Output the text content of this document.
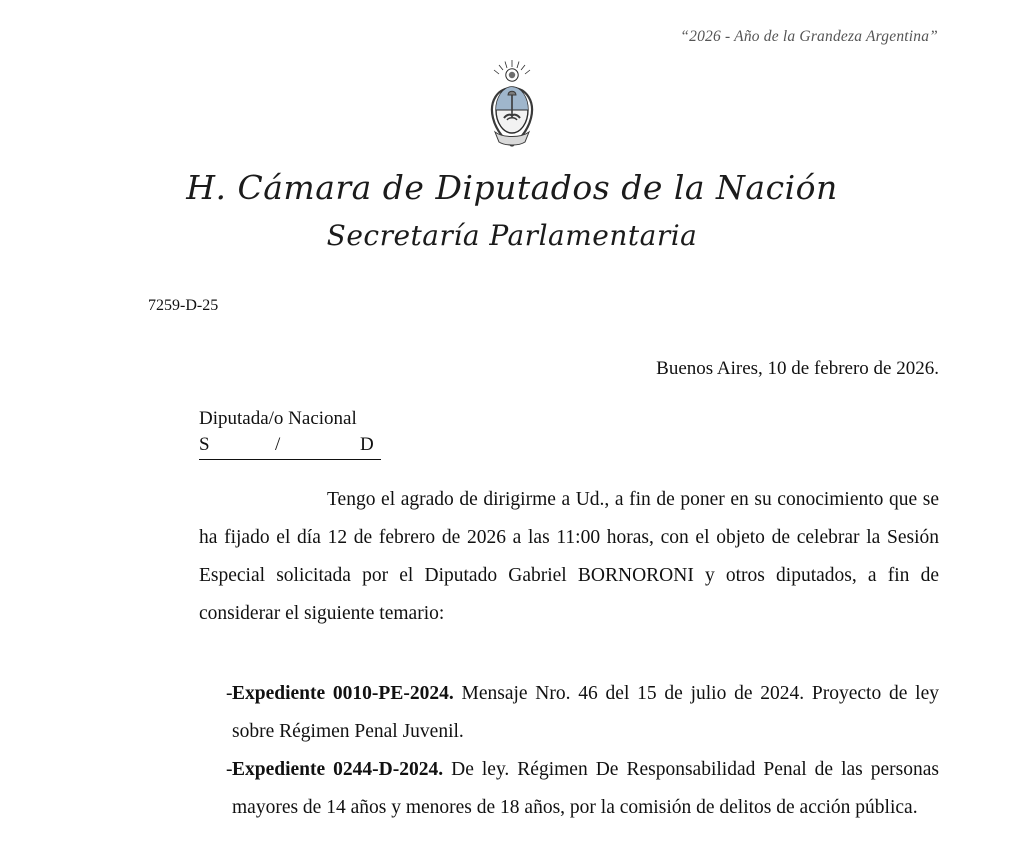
“2026 - Año de la Grandeza Argentina”
H. Cámara de Diputados de la Nación
Secretaría Parlamentaria
7259-D-25
Buenos Aires, 10 de febrero de 2026.
Diputada/o Nacional
S	/	D
Tengo el agrado de dirigirme a Ud., a fin de poner en su conocimiento que se ha fijado el día 12 de febrero de 2026 a las 11:00 horas, con el objeto de celebrar la Sesión Especial solicitada por el Diputado Gabriel BORNORONI y otros diputados, a fin de considerar el siguiente temario:
- Expediente 0010-PE-2024. Mensaje Nro. 46 del 15 de julio de 2024. Proyecto de ley sobre Régimen Penal Juvenil.
- Expediente 0244-D-2024. De ley. Régimen De Responsabilidad Penal de las personas mayores de 14 años y menores de 18 años, por la comisión de delitos de acción pública.
